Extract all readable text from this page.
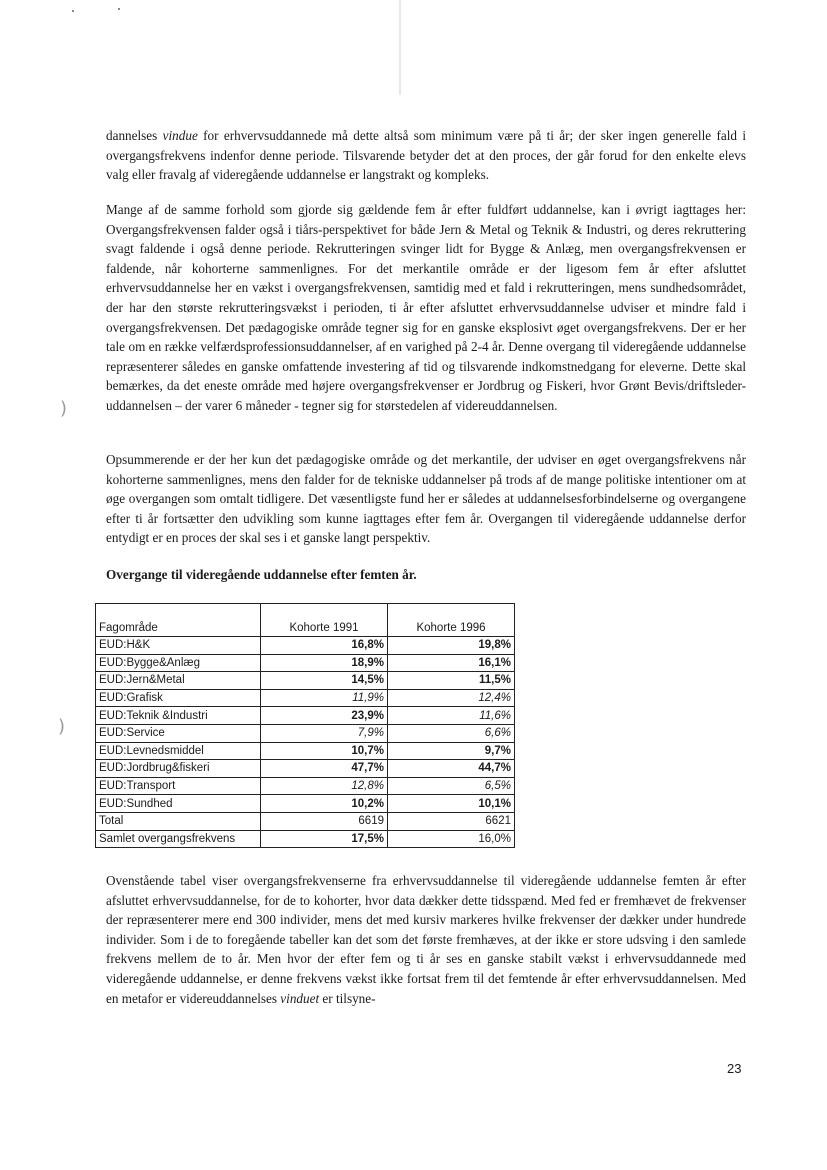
)
)

dannelses vindue for erhvervsuddannede må dette altså som minimum være på ti år; der sker ingen generelle fald i overgangsfrekvens indenfor denne periode. Tilsvarende betyder det at den proces, der går forud for den enkelte elevs valg eller fravalg af videregående uddannelse er langstrakt og kompleks.

Mange af de samme forhold som gjorde sig gældende fem år efter fuldført uddannelse, kan i øvrigt iagttages her: Overgangsfrekvensen falder også i tiårs-perspektivet for både Jern & Metal og Teknik & Industri, og deres rekruttering svagt faldende i også denne periode. Rekrutteringen svinger lidt for Bygge & Anlæg, men overgangsfrekvensen er faldende, når kohorterne sammenlignes. For det merkantile område er der ligesom fem år efter afsluttet erhvervsuddannelse her en vækst i overgangsfrekvensen, samtidig med et fald i rekrutteringen, mens sundhedsområdet, der har den største rekrutteringsvækst i perioden, ti år efter afsluttet erhvervsuddannelse udviser et mindre fald i overgangsfrekvensen. Det pædagogiske område tegner sig for en ganske eksplosivt øget overgangsfrekvens. Der er her tale om en række velfærdsprofessionsuddannelser, af en varighed på 2-4 år. Denne overgang til videregående uddannelse repræsenterer således en ganske omfattende investering af tid og tilsvarende indkomstnedgang for eleverne. Dette skal bemærkes, da det eneste område med højere overgangsfrekvenser er Jordbrug og Fiskeri, hvor Grønt Bevis/driftsleder-uddannelsen – der varer 6 måneder - tegner sig for størstedelen af videreuddannelsen.

Opsummerende er der her kun det pædagogiske område og det merkantile, der udviser en øget overgangsfrekvens når kohorterne sammenlignes, mens den falder for de tekniske uddannelser på trods af de mange politiske intentioner om at øge overgangen som omtalt tidligere. Det væsentligste fund her er således at uddannelsesforbindelserne og overgangene efter ti år fortsætter den udvikling som kunne iagttages efter fem år. Overgangen til videregående uddannelse derfor entydigt er en proces der skal ses i et ganske langt perspektiv.

Overgange til videregående uddannelse efter femten år.

Fagområde	Kohorte 1991	Kohorte 1996
EUD:H&K	16,8%	19,8%
EUD:Bygge&Anlæg	18,9%	16,1%
EUD:Jern&Metal	14,5%	11,5%
EUD:Grafisk	11,9%	12,4%
EUD:Teknik &Industri	23,9%	11,6%
EUD:Service	7,9%	6,6%
EUD:Levnedsmiddel	10,7%	9,7%
EUD:Jordbrug&fiskeri	47,7%	44,7%
EUD:Transport	12,8%	6,5%
EUD:Sundhed	10,2%	10,1%
Total	6619	6621
Samlet overgangsfrekvens	17,5%	16,0%

Ovenstående tabel viser overgangsfrekvenserne fra erhvervsuddannelse til videregående uddannelse femten år efter afsluttet erhvervsuddannelse, for de to kohorter, hvor data dækker dette tidsspænd. Med fed er fremhævet de frekvenser der repræsenterer mere end 300 individer, mens det med kursiv markeres hvilke frekvenser der dækker under hundrede individer. Som i de to foregående tabeller kan det som det første fremhæves, at der ikke er store udsving i den samlede frekvens mellem de to år. Men hvor der efter fem og ti år ses en ganske stabilt vækst i erhvervsuddannede med videregående uddannelse, er denne frekvens vækst ikke fortsat frem til det femtende år efter erhvervsuddannelsen. Med en metafor er videreuddannelses vinduet er tilsyne-

23
